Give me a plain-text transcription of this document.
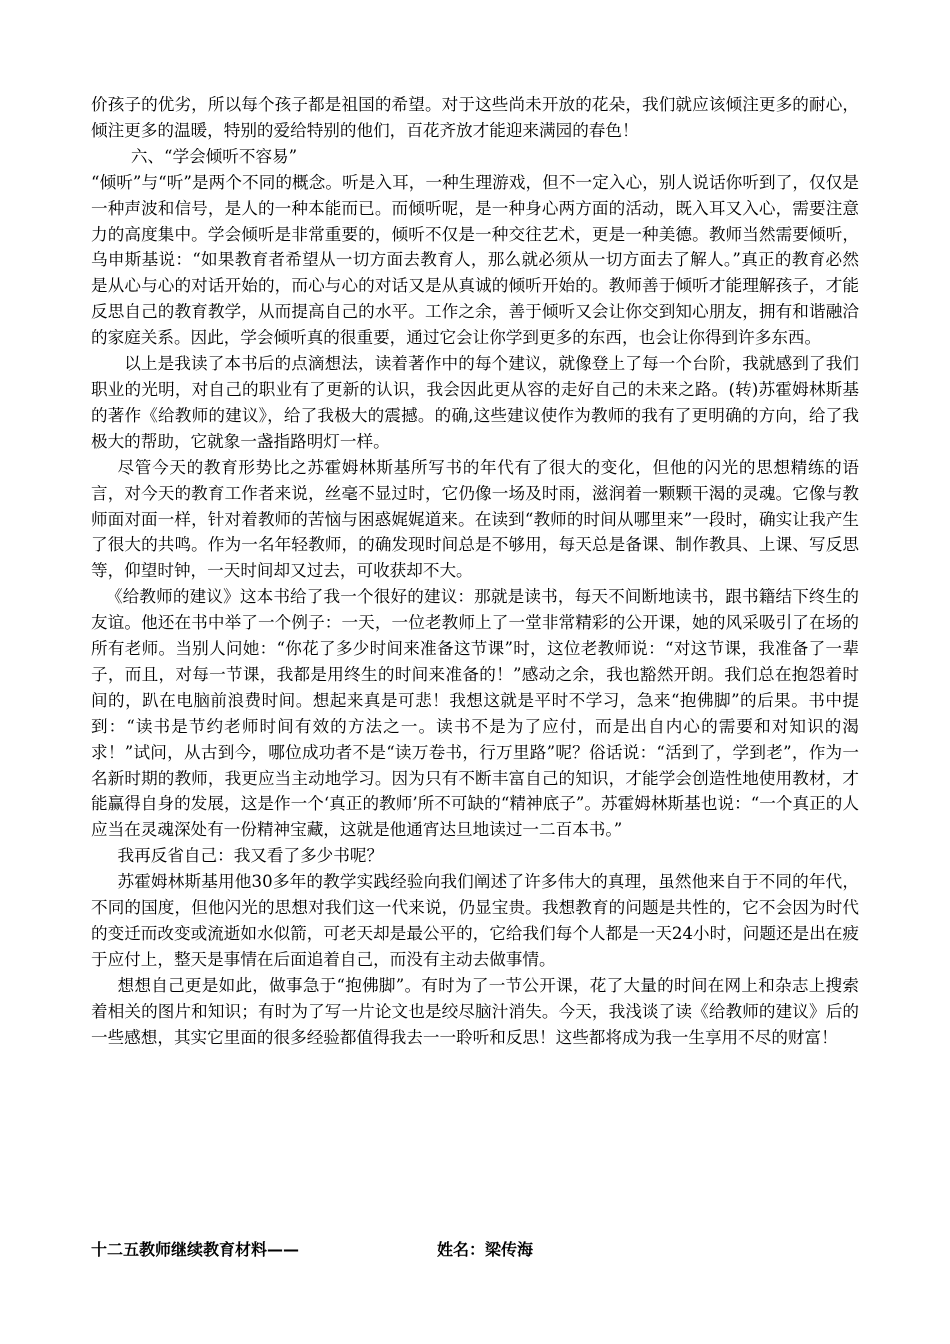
价孩子的优劣，所以每个孩子都是祖国的希望。对于这些尚未开放的花朵，我们就应该倾注更多的耐心，倾注更多的温暖，特别的爱给特别的他们，百花齐放才能迎来满园的春色！

六、“学会倾听不容易”

“倾听”与“听”是两个不同的概念。听是入耳，一种生理游戏，但不一定入心，别人说话你听到了，仅仅是一种声波和信号，是人的一种本能而已。而倾听呢，是一种身心两方面的活动，既入耳又入心，需要注意力的高度集中。学会倾听是非常重要的，倾听不仅是一种交往艺术，更是一种美德。教师当然需要倾听，乌申斯基说：“如果教育者希望从一切方面去教育人，那么就必须从一切方面去了解人。”真正的教育必然是从心与心的对话开始的，而心与心的对话又是从真诚的倾听开始的。教师善于倾听才能理解孩子，才能反思自己的教育教学，从而提高自己的水平。工作之余，善于倾听又会让你交到知心朋友，拥有和谐融洽的家庭关系。因此，学会倾听真的很重要，通过它会让你学到更多的东西，也会让你得到许多东西。

以上是我读了本书后的点滴想法，读着著作中的每个建议，就像登上了每一个台阶，我就感到了我们职业的光明，对自己的职业有了更新的认识，我会因此更从容的走好自己的未来之路。(转)苏霍姆林斯基的著作《给教师的建议》，给了我极大的震撼。的确,这些建议使作为教师的我有了更明确的方向，给了我极大的帮助，它就象一盏指路明灯一样。

尽管今天的教育形势比之苏霍姆林斯基所写书的年代有了很大的变化，但他的闪光的思想精练的语言，对今天的教育工作者来说，丝毫不显过时，它仍像一场及时雨，滋润着一颗颗干渴的灵魂。它像与教师面对面一样，针对着教师的苦恼与困惑娓娓道来。在读到“教师的时间从哪里来”一段时，确实让我产生了很大的共鸣。作为一名年轻教师，的确发现时间总是不够用，每天总是备课、制作教具、上课、写反思等，仰望时钟，一天时间却又过去，可收获却不大。

《给教师的建议》这本书给了我一个很好的建议：那就是读书，每天不间断地读书，跟书籍结下终生的友谊。他还在书中举了一个例子：一天，一位老教师上了一堂非常精彩的公开课，她的风采吸引了在场的所有老师。当别人问她：“你花了多少时间来准备这节课”时，这位老教师说：“对这节课，我准备了一辈子，而且，对每一节课，我都是用终生的时间来准备的！”感动之余，我也豁然开朗。我们总在抱怨着时间的，趴在电脑前浪费时间。想起来真是可悲！我想这就是平时不学习，急来“抱佛脚”的后果。书中提到：“读书是节约老师时间有效的方法之一。读书不是为了应付，而是出自内心的需要和对知识的渴求！”试问，从古到今，哪位成功者不是“读万卷书，行万里路”呢？俗话说：“活到了，学到老”，作为一名新时期的教师，我更应当主动地学习。因为只有不断丰富自己的知识，才能学会创造性地使用教材，才能赢得自身的发展，这是作一个‘真正的教师’所不可缺的“精神底子”。苏霍姆林斯基也说：“一个真正的人应当在灵魂深处有一份精神宝藏，这就是他通宵达旦地读过一二百本书。”

我再反省自己：我又看了多少书呢？

苏霍姆林斯基用他30多年的教学实践经验向我们阐述了许多伟大的真理，虽然他来自于不同的年代，不同的国度，但他闪光的思想对我们这一代来说，仍显宝贵。我想教育的问题是共性的，它不会因为时代的变迁而改变或流逝如水似箭，可老天却是最公平的，它给我们每个人都是一天24小时，问题还是出在疲于应付上，整天是事情在后面追着自己，而没有主动去做事情。

想想自己更是如此，做事急于“抱佛脚”。有时为了一节公开课，花了大量的时间在网上和杂志上搜索着相关的图片和知识；有时为了写一片论文也是绞尽脑汁消失。今天，我浅谈了读《给教师的建议》后的一些感想，其实它里面的很多经验都值得我去一一聆听和反思！这些都将成为我一生享用不尽的财富！

十二五教师继续教育材料——	姓名：梁传海
